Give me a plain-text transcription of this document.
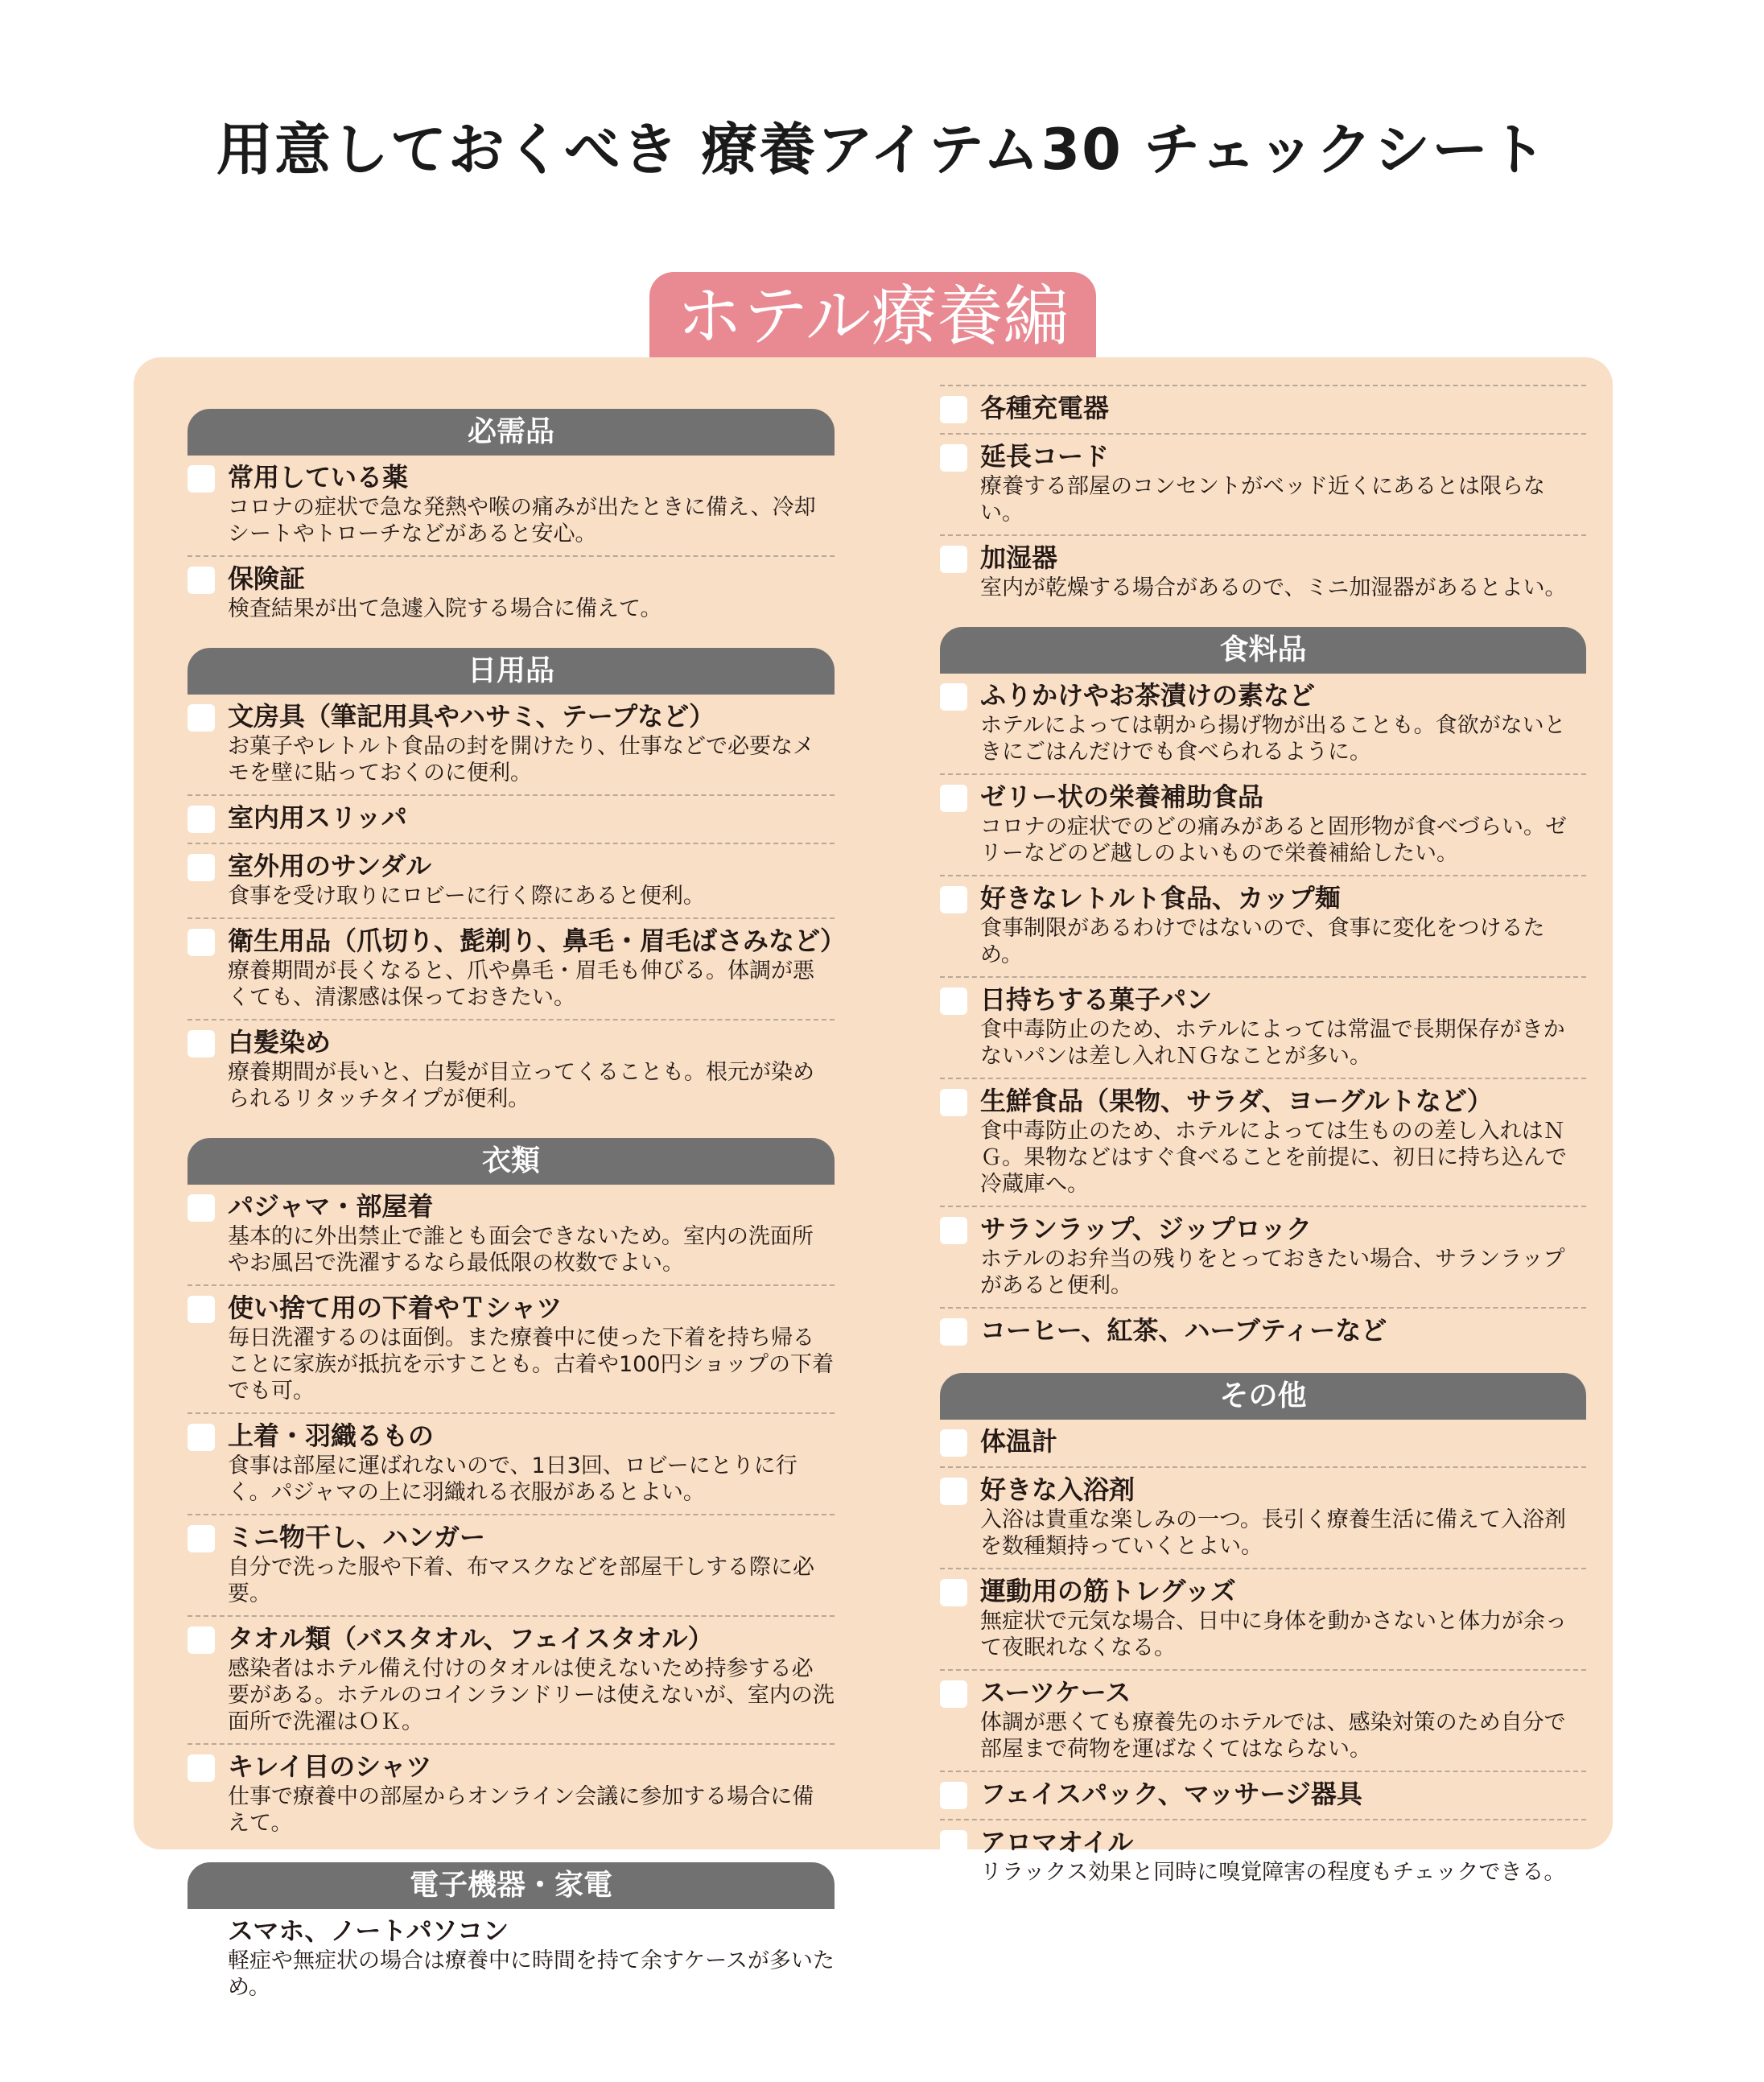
用意しておくべき 療養アイテム30 チェックシート
ホテル療養編
必需品
常用している薬
コロナの症状で急な発熱や喉の痛みが出たときに備え、冷却シートやトローチなどがあると安心。
保険証
検査結果が出て急遽入院する場合に備えて。
日用品
文房具（筆記用具やハサミ、テープなど）
お菓子やレトルト食品の封を開けたり、仕事などで必要なメモを壁に貼っておくのに便利。
室内用スリッパ
室外用のサンダル
食事を受け取りにロビーに行く際にあると便利。
衛生用品（爪切り、髭剃り、鼻毛・眉毛ばさみなど）
療養期間が長くなると、爪や鼻毛・眉毛も伸びる。体調が悪くても、清潔感は保っておきたい。
白髪染め
療養期間が長いと、白髪が目立ってくることも。根元が染められるリタッチタイプが便利。
衣類
パジャマ・部屋着
基本的に外出禁止で誰とも面会できないため。室内の洗面所やお風呂で洗濯するなら最低限の枚数でよい。
使い捨て用の下着やＴシャツ
毎日洗濯するのは面倒。また療養中に使った下着を持ち帰ることに家族が抵抗を示すことも。古着や100円ショップの下着でも可。
上着・羽織るもの
食事は部屋に運ばれないので、1日3回、ロビーにとりに行く。パジャマの上に羽織れる衣服があるとよい。
ミニ物干し、ハンガー
自分で洗った服や下着、布マスクなどを部屋干しする際に必要。
タオル類（バスタオル、フェイスタオル）
感染者はホテル備え付けのタオルは使えないため持参する必要がある。ホテルのコインランドリーは使えないが、室内の洗面所で洗濯はＯＫ。
キレイ目のシャツ
仕事で療養中の部屋からオンライン会議に参加する場合に備えて。
電子機器・家電
スマホ、ノートパソコン
軽症や無症状の場合は療養中に時間を持て余すケースが多いため。
各種充電器
延長コード
療養する部屋のコンセントがベッド近くにあるとは限らない。
加湿器
室内が乾燥する場合があるので、ミニ加湿器があるとよい。
食料品
ふりかけやお茶漬けの素など
ホテルによっては朝から揚げ物が出ることも。食欲がないときにごはんだけでも食べられるように。
ゼリー状の栄養補助食品
コロナの症状でのどの痛みがあると固形物が食べづらい。ゼリーなどのど越しのよいもので栄養補給したい。
好きなレトルト食品、カップ麺
食事制限があるわけではないので、食事に変化をつけるため。
日持ちする菓子パン
食中毒防止のため、ホテルによっては常温で長期保存がきかないパンは差し入れＮＧなことが多い。
生鮮食品（果物、サラダ、ヨーグルトなど）
食中毒防止のため、ホテルによっては生ものの差し入れはＮＧ。果物などはすぐ食べることを前提に、初日に持ち込んで冷蔵庫へ。
サランラップ、ジップロック
ホテルのお弁当の残りをとっておきたい場合、サランラップがあると便利。
コーヒー、紅茶、ハーブティーなど
その他
体温計
好きな入浴剤
入浴は貴重な楽しみの一つ。長引く療養生活に備えて入浴剤を数種類持っていくとよい。
運動用の筋トレグッズ
無症状で元気な場合、日中に身体を動かさないと体力が余って夜眠れなくなる。
スーツケース
体調が悪くても療養先のホテルでは、感染対策のため自分で部屋まで荷物を運ばなくてはならない。
フェイスパック、マッサージ器具
アロマオイル
リラックス効果と同時に嗅覚障害の程度もチェックできる。
